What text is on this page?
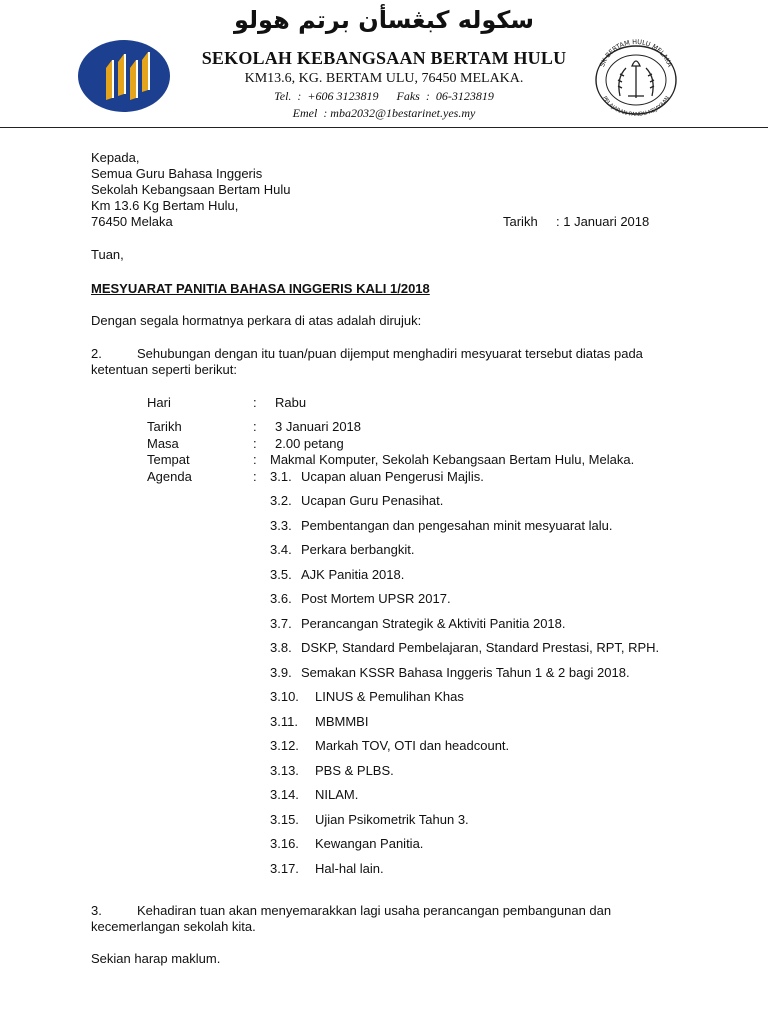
سکوله کبڠسأن برتم هولو
SEKOLAH KEBANGSAAN BERTAM HULU
KM13.6, KG. BERTAM ULU, 76450 MELAKA.
Tel.  :  +606 3123819 Faks  :  06-3123819
Emel  : mba2032@1bestarinet.yes.my
SK BERTAM HULU MELAKA
PELAJARAN PANDU KEJAYAAN
Kepada,
Semua Guru Bahasa Inggeris
Sekolah Kebangsaan Bertam Hulu
Km 13.6 Kg Bertam Hulu,
76450 Melaka	Tarikh : 1 Januari 2018
Tuan,
MESYUARAT PANITIA BAHASA INGGERIS KALI 1/2018
Dengan segala hormatnya perkara di atas adalah dirujuk:
2.	Sehubungan dengan itu tuan/puan dijemput menghadiri mesyuarat tersebut diatas pada
ketentuan seperti berikut:
Hari	: Rabu
Tarikh	: 3 Januari 2018
Masa	: 2.00 petang
Tempat	: Makmal Komputer, Sekolah Kebangsaan Bertam Hulu, Melaka.
Agenda	: 3.1. Ucapan aluan Pengerusi Majlis.
3.2. Ucapan Guru Penasihat.
3.3. Pembentangan dan pengesahan minit mesyuarat lalu.
3.4. Perkara berbangkit.
3.5. AJK Panitia 2018.
3.6. Post Mortem UPSR 2017.
3.7. Perancangan Strategik & Aktiviti Panitia 2018.
3.8. DSKP, Standard Pembelajaran, Standard Prestasi, RPT, RPH.
3.9. Semakan KSSR Bahasa Inggeris Tahun 1 & 2 bagi 2018.
3.10. LINUS & Pemulihan Khas
3.11. MBMMBI
3.12. Markah TOV, OTI dan headcount.
3.13. PBS & PLBS.
3.14. NILAM.
3.15. Ujian Psikometrik Tahun 3.
3.16. Kewangan Panitia.
3.17. Hal-hal lain.
3.	Kehadiran tuan akan menyemarakkan lagi usaha perancangan pembangunan dan
kecemerlangan sekolah kita.
Sekian harap maklum.
